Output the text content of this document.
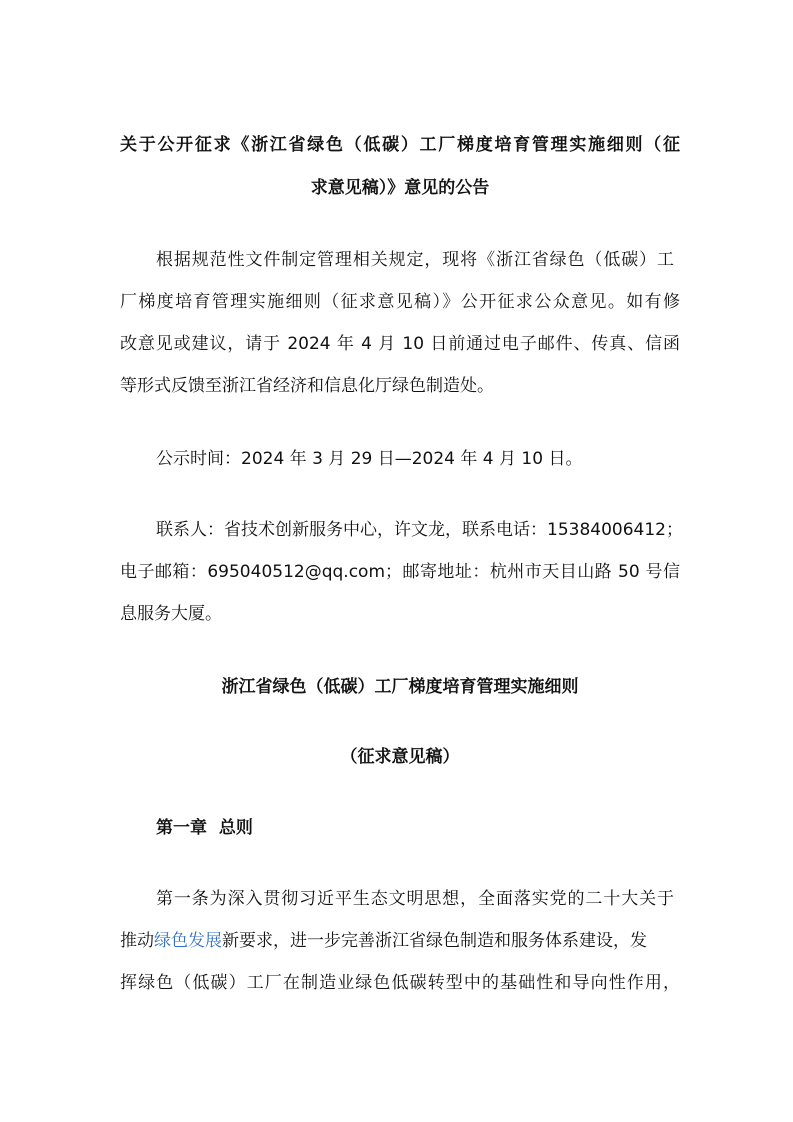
关于公开征求《浙江省绿色（低碳）工厂梯度培育管理实施细则（征
求意见稿）》意见的公告
根据规范性文件制定管理相关规定，现将《浙江省绿色（低碳）工
厂梯度培育管理实施细则（征求意见稿）》公开征求公众意见。如有修
改意见或建议，请于 2024 年 4 月 10 日前通过电子邮件、传真、信函
等形式反馈至浙江省经济和信息化厅绿色制造处。
公示时间：2024 年 3 月 29 日—2024 年 4 月 10 日。
联系人：省技术创新服务中心，许文龙，联系电话：15384006412；
电子邮箱：695040512@qq.com；邮寄地址：杭州市天目山路 50 号信
息服务大厦。
浙江省绿色（低碳）工厂梯度培育管理实施细则
（征求意见稿）
第一章  总则
第一条为深入贯彻习近平生态文明思想，全面落实党的二十大关于
推动绿色发展新要求，进一步完善浙江省绿色制造和服务体系建设，发
挥绿色（低碳）工厂在制造业绿色低碳转型中的基础性和导向性作用，
